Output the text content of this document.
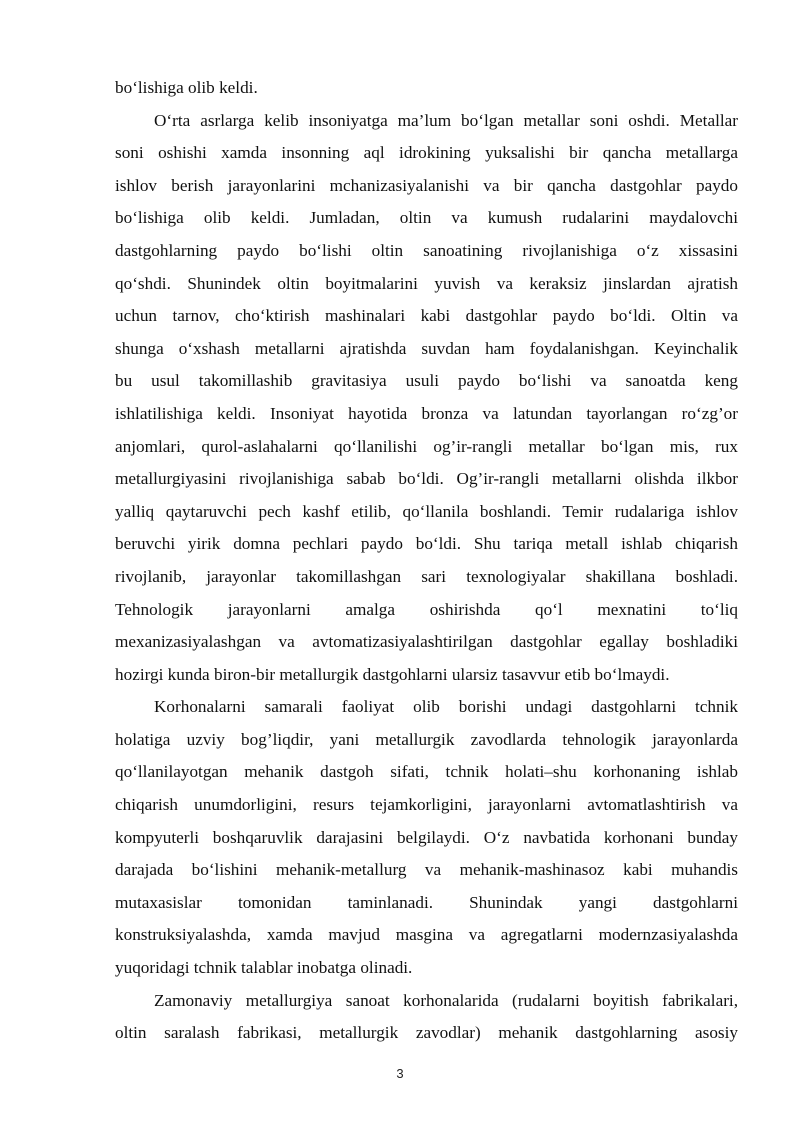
bo‘lishiga olib keldi.
O‘rta asrlarga kelib insoniyatga ma’lum bo‘lgan metallar soni oshdi. Metallar
soni oshishi xamda insonning aql idrokining yuksalishi bir qancha metallarga
ishlov berish jarayonlarini mchanizasiyalanishi va bir qancha dastgohlar paydo
bo‘lishiga olib keldi. Jumladan, oltin va kumush rudalarini maydalovchi
dastgohlarning paydo bo‘lishi oltin sanoatining rivojlanishiga o‘z xissasini
qo‘shdi. Shunindek oltin boyitmalarini yuvish va keraksiz jinslardan ajratish
uchun tarnov, cho‘ktirish mashinalari kabi dastgohlar paydo bo‘ldi. Oltin va
shunga o‘xshash metallarni ajratishda suvdan ham foydalanishgan. Keyinchalik
bu usul takomillashib gravitasiya usuli paydo bo‘lishi va sanoatda keng
ishlatilishiga keldi. Insoniyat hayotida bronza va latundan tayorlangan ro‘zg’or
anjomlari, qurol-aslahalarni qo‘llanilishi og’ir-rangli metallar bo‘lgan mis, rux
metallurgiyasini rivojlanishiga sabab bo‘ldi. Og’ir-rangli metallarni olishda ilkbor
yalliq qaytaruvchi pech kashf etilib, qo‘llanila boshlandi. Temir rudalariga ishlov
beruvchi yirik domna pechlari paydo bo‘ldi. Shu tariqa metall ishlab chiqarish
rivojlanib, jarayonlar takomillashgan sari texnologiyalar shakillana boshladi.
Tehnologik jarayonlarni amalga oshirishda qo‘l mexnatini to‘liq
mexanizasiyalashgan va avtomatizasiyalashtirilgan dastgohlar egallay boshladiki
hozirgi kunda biron-bir metallurgik dastgohlarni ularsiz tasavvur etib bo‘lmaydi.
Korhonalarni samarali faoliyat olib borishi undagi dastgohlarni tchnik
holatiga uzviy bog’liqdir, yani metallurgik zavodlarda tehnologik jarayonlarda
qo‘llanilayotgan mehanik dastgoh sifati, tchnik holati–shu korhonaning ishlab
chiqarish unumdorligini, resurs tejamkorligini, jarayonlarni avtomatlashtirish va
kompyuterli boshqaruvlik darajasini belgilaydi. O‘z navbatida korhonani bunday
darajada bo‘lishini mehanik-metallurg va mehanik-mashinasoz kabi muhandis
mutaxasislar tomonidan taminlanadi. Shunindak yangi dastgohlarni
konstruksiyalashda, xamda mavjud masgina va agregatlarni modernzasiyalashda
yuqoridagi tchnik talablar inobatga olinadi.
Zamonaviy metallurgiya sanoat korhonalarida (rudalarni boyitish fabrikalari,
oltin saralash fabrikasi, metallurgik zavodlar) mehanik dastgohlarning asosiy
3
